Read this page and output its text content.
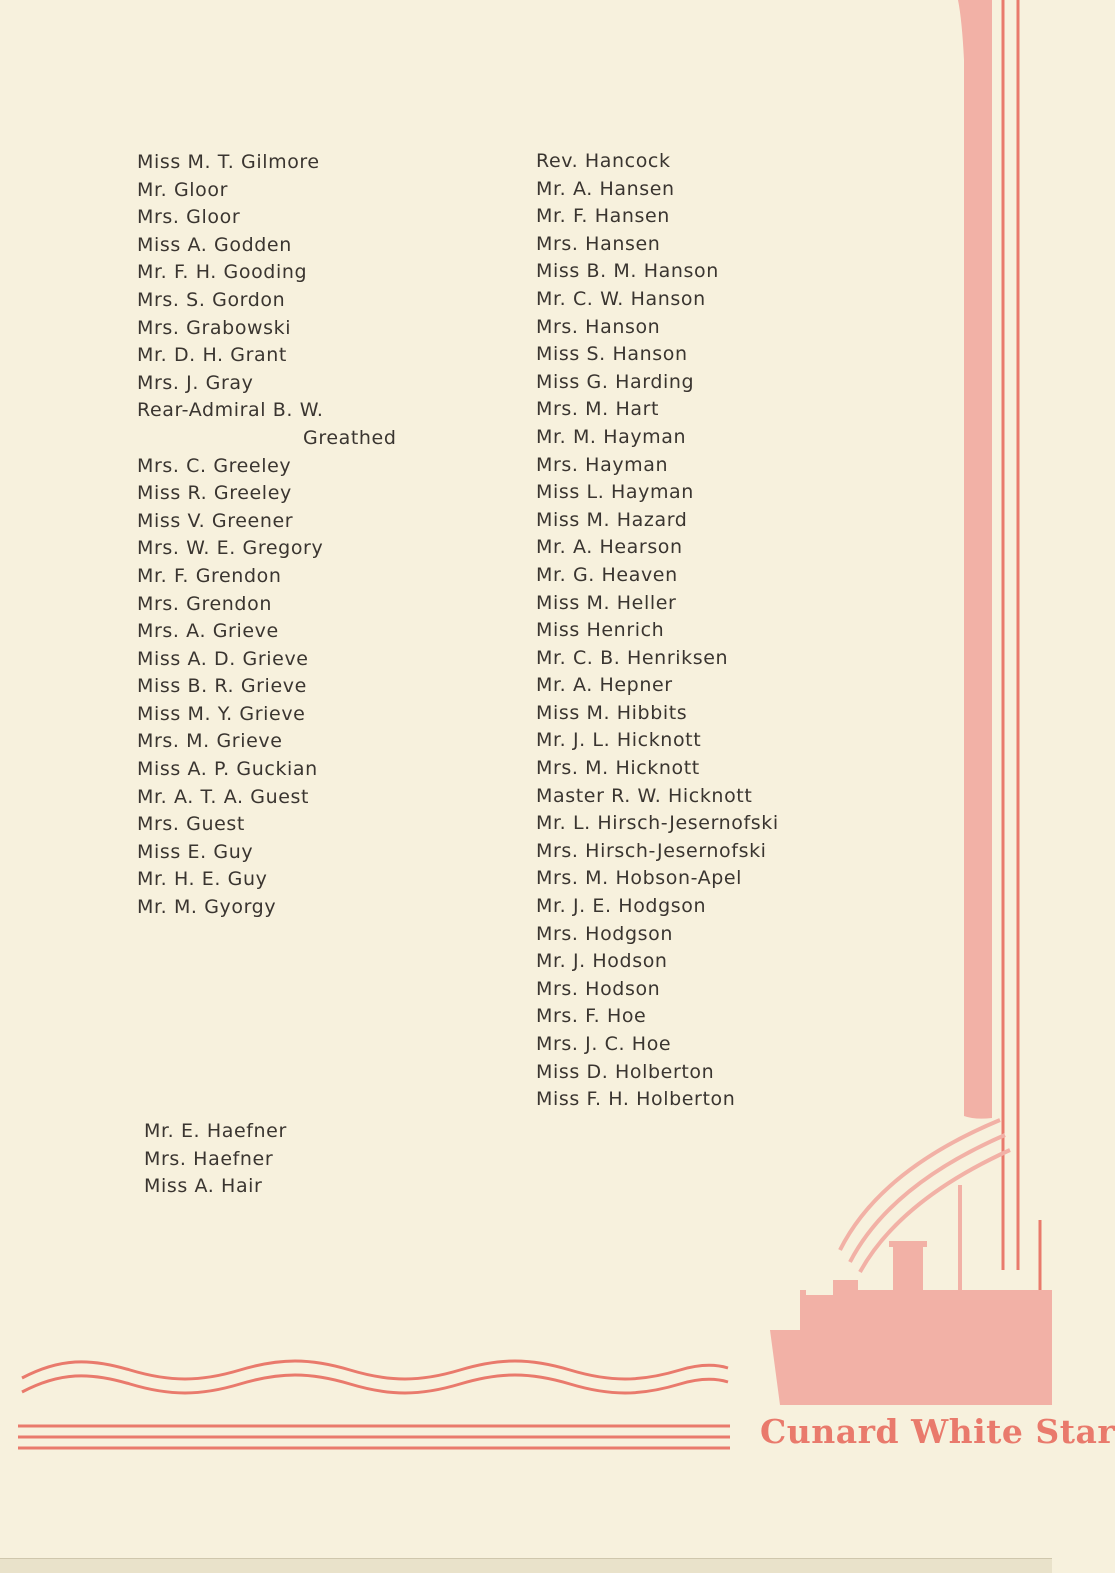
Miss M. T. Gilmore
Mr. Gloor
Mrs. Gloor
Miss A. Godden
Mr. F. H. Gooding
Mrs. S. Gordon
Mrs. Grabowski
Mr. D. H. Grant
Mrs. J. Gray
Rear-Admiral B. W.
Greathed
Mrs. C. Greeley
Miss R. Greeley
Miss V. Greener
Mrs. W. E. Gregory
Mr. F. Grendon
Mrs. Grendon
Mrs. A. Grieve
Miss A. D. Grieve
Miss B. R. Grieve
Miss M. Y. Grieve
Mrs. M. Grieve
Miss A. P. Guckian
Mr. A. T. A. Guest
Mrs. Guest
Miss E. Guy
Mr. H. E. Guy
Mr. M. Gyorgy
Rev. Hancock
Mr. A. Hansen
Mr. F. Hansen
Mrs. Hansen
Miss B. M. Hanson
Mr. C. W. Hanson
Mrs. Hanson
Miss S. Hanson
Miss G. Harding
Mrs. M. Hart
Mr. M. Hayman
Mrs. Hayman
Miss L. Hayman
Miss M. Hazard
Mr. A. Hearson
Mr. G. Heaven
Miss M. Heller
Miss Henrich
Mr. C. B. Henriksen
Mr. A. Hepner
Miss M. Hibbits
Mr. J. L. Hicknott
Mrs. M. Hicknott
Master R. W. Hicknott
Mr. L. Hirsch-Jesernofski
Mrs. Hirsch-Jesernofski
Mrs. M. Hobson-Apel
Mr. J. E. Hodgson
Mrs. Hodgson
Mr. J. Hodson
Mrs. Hodson
Mrs. F. Hoe
Mrs. J. C. Hoe
Miss D. Holberton
Miss F. H. Holberton
Mr. E. Haefner
Mrs. Haefner
Miss A. Hair
Cunard White Star
